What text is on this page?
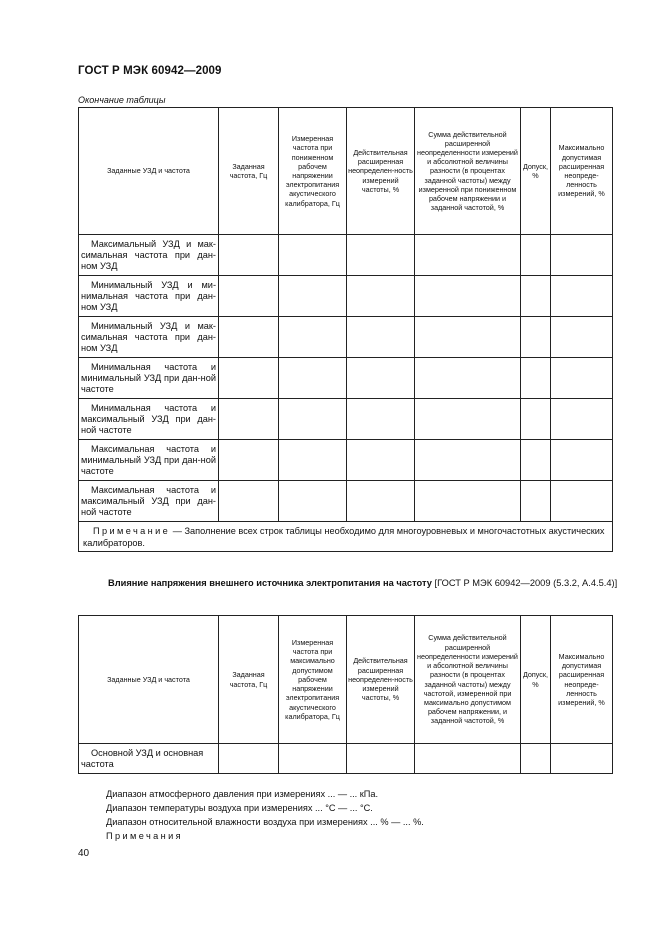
ГОСТ Р МЭК 60942—2009
Окончание таблицы
Заданные УЗД и частота	Заданная частота, Гц	Измеренная частота при пониженном рабочем напряжении электропитания акустического калибратора, Гц	Действительная расширенная неопределен-ность измерений частоты, %	Сумма действительной расширенной неопределенности измерений и абсолютной величины разности (в процентах заданной частоты) между измеренной при пониженном рабочем напряжении и заданной частотой, %	Допуск, %	Максимально допустимая расширенная неопреде-ленность измерений, %
Максимальный УЗД и мак-симальная частота при дан-ном УЗД						
Минимальный УЗД и ми-нимальная частота при дан-ном УЗД						
Минимальный УЗД и мак-симальная частота при дан-ном УЗД						
Минимальная частота и минимальный УЗД при дан-ной частоте						
Минимальная частота и максимальный УЗД при дан-ной частоте						
Максимальная частота и минимальный УЗД при дан-ной частоте						
Максимальная частота и максимальный УЗД при дан-ной частоте						
Примечание — Заполнение всех строк таблицы необходимо для многоуровневых и многочастотных акустических калибраторов.						
Влияние напряжения внешнего источника электропитания на частоту [ГОСТ Р МЭК 60942—2009 (5.3.2, А.4.5.4)]
Заданные УЗД и частота	Заданная частота, Гц	Измеренная частота при максимально допустимом рабочем напряжении электропитания акустического калибратора, Гц	Действительная расширенная неопределен-ность измерений частоты, %	Сумма действительной расширенной неопределенности измерений и абсолютной величины разности (в процентах заданной частоты) между частотой, измеренной при максимально допустимом рабочем напряжении, и заданной частотой, %	Допуск, %	Максимально допустимая расширенная неопреде-ленность измерений, %
Основной УЗД и основная частота						
Диапазон атмосферного давления при измерениях ... — ... кПа.
Диапазон температуры воздуха при измерениях ... °С — ... °С.
Диапазон относительной влажности воздуха при измерениях ... % — ... %.
Примечания
40
